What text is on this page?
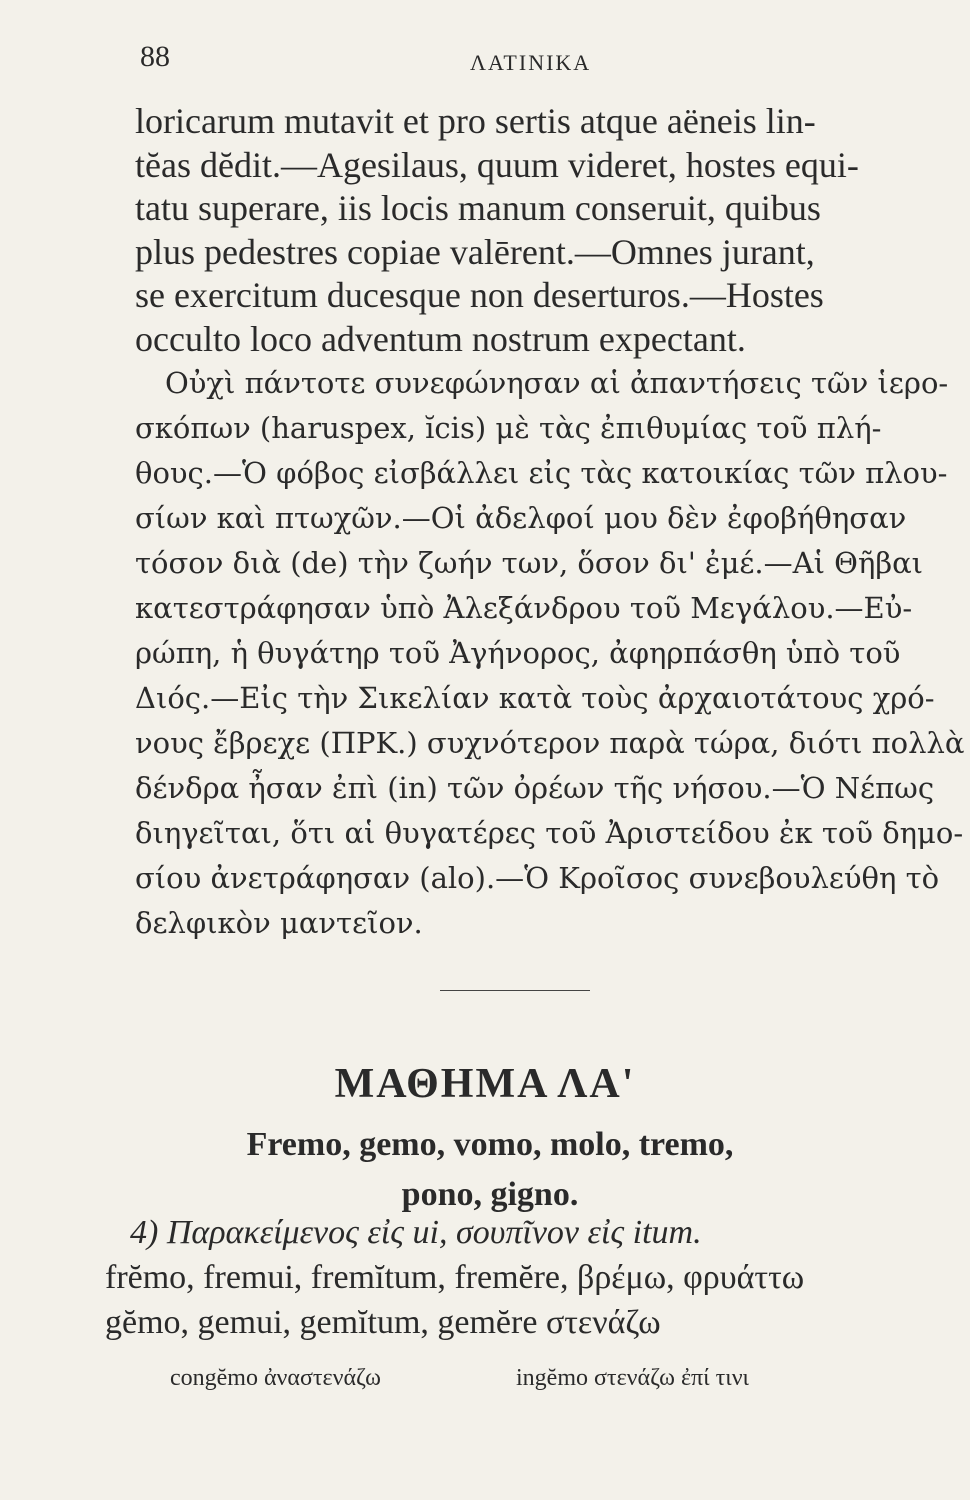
88	ΛΑΤΙΝΙΚΑ
loricarum mutavit et pro sertis atque aëneis lin-
tĕas dĕdit.—Agesilaus, quum videret, hostes equi-
tatu superare, iis locis manum conseruit, quibus
plus pedestres copiae valērent.—Omnes jurant,
se exercitum ducesque non deserturos.—Hostes
occulto loco adventum nostrum expectant.
Οὐχὶ πάντοτε συνεφώνησαν αἱ ἀπαντήσεις τῶν ἱερο-
σκόπων (haruspex, ĭcis) μὲ τὰς ἐπιθυμίας τοῦ πλή-
θους.—Ὁ φόβος εἰσβάλλει εἰς τὰς κατοικίας τῶν πλου-
σίων καὶ πτωχῶν.—Οἱ ἀδελφοί μου δὲν ἐφοβήθησαν
τόσον διὰ (de) τὴν ζωήν των, ὅσον δι' ἐμέ.—Αἱ Θῆβαι
κατεστράφησαν ὑπὸ Ἀλεξάνδρου τοῦ Μεγάλου.—Εὐ-
ρώπη, ἡ θυγάτηρ τοῦ Ἀγήνορος, ἀφηρπάσθη ὑπὸ τοῦ
Διός.—Εἰς τὴν Σικελίαν κατὰ τοὺς ἀρχαιοτάτους χρό-
νους ἔβρεχε (ΠΡΚ.) συχνότερον παρὰ τώρα, διότι πολλὰ
δένδρα ἦσαν ἐπὶ (in) τῶν ὀρέων τῆς νήσου.—Ὁ Νέπως
διηγεῖται, ὅτι αἱ θυγατέρες τοῦ Ἀριστείδου ἐκ τοῦ δημο-
σίου ἀνετράφησαν (alo).—Ὁ Κροῖσος συνεβουλεύθη τὸ
δελφικὸν μαντεῖον.
ΜΑΘΗΜΑ ΛΑ'
Fremo, gemo, vomo, molo, tremo,
pono, gigno.
4) Παρακείμενος εἰς ui, σουπῖνον εἰς itum.
frĕmo, fremui, fremĭtum, fremĕre, βρέμω, φρυάττω
gĕmo, gemui, gemĭtum, gemĕre στενάζω
congĕmo ἀναστενάζω	ingĕmo στενάζω ἐπί τινι
